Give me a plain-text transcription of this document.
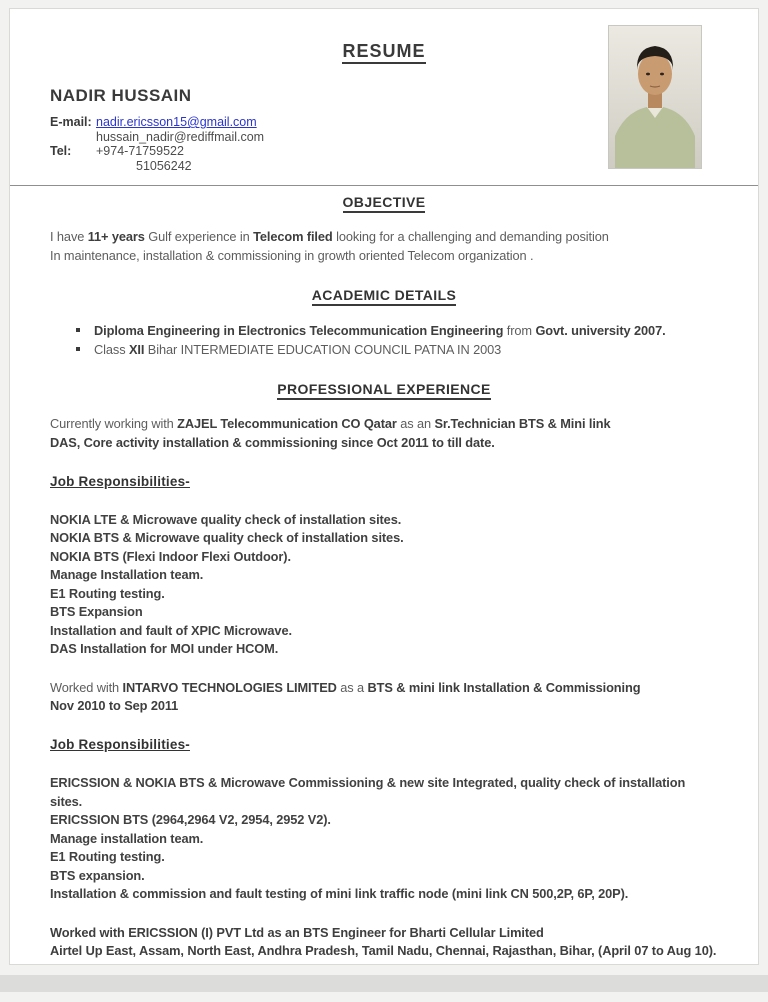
RESUME
NADIR HUSSAIN
E-mail: nadir.ericsson15@gmail.com
hussain_nadir@rediffmail.com
Tel: +974-71759522
51056242
OBJECTIVE

I have 11+ years Gulf experience in Telecom filed looking for a challenging and demanding position
In maintenance, installation & commissioning in growth oriented Telecom organization .

ACADEMIC DETAILS
Diploma Engineering in Electronics Telecommunication Engineering from Govt. university 2007.
Class XII Bihar INTERMEDIATE EDUCATION COUNCIL PATNA IN 2003
PROFESSIONAL EXPERIENCE

Currently working with ZAJEL Telecommunication CO Qatar as an Sr.Technician BTS & Mini link
DAS, Core activity installation & commissioning since Oct 2011 to till date.

Job Responsibilities-
NOKIA LTE & Microwave quality check of installation sites.
NOKIA BTS & Microwave quality check of installation sites.
NOKIA BTS (Flexi Indoor Flexi Outdoor).
Manage Installation team.
E1 Routing testing.
BTS Expansion
Installation and fault of XPIC Microwave.
DAS Installation for MOI under HCOM.

Worked with INTARVO TECHNOLOGIES LIMITED as a BTS & mini link Installation & Commissioning
Nov 2010 to Sep 2011

Job Responsibilities-
ERICSSION & NOKIA BTS & Microwave Commissioning & new site Integrated, quality check of installation sites.
ERICSSION BTS (2964,2964 V2, 2954, 2952 V2).
Manage installation team.
E1 Routing testing.
BTS expansion.
Installation & commission and fault testing of mini link traffic node (mini link CN 500,2P, 6P, 20P).

Worked with ERICSSION (I) PVT Ltd as an BTS Engineer for Bharti Cellular Limited
Airtel Up East, Assam, North East, Andhra Pradesh, Tamil Nadu, Chennai, Rajasthan, Bihar, (April 07 to Aug 10).
